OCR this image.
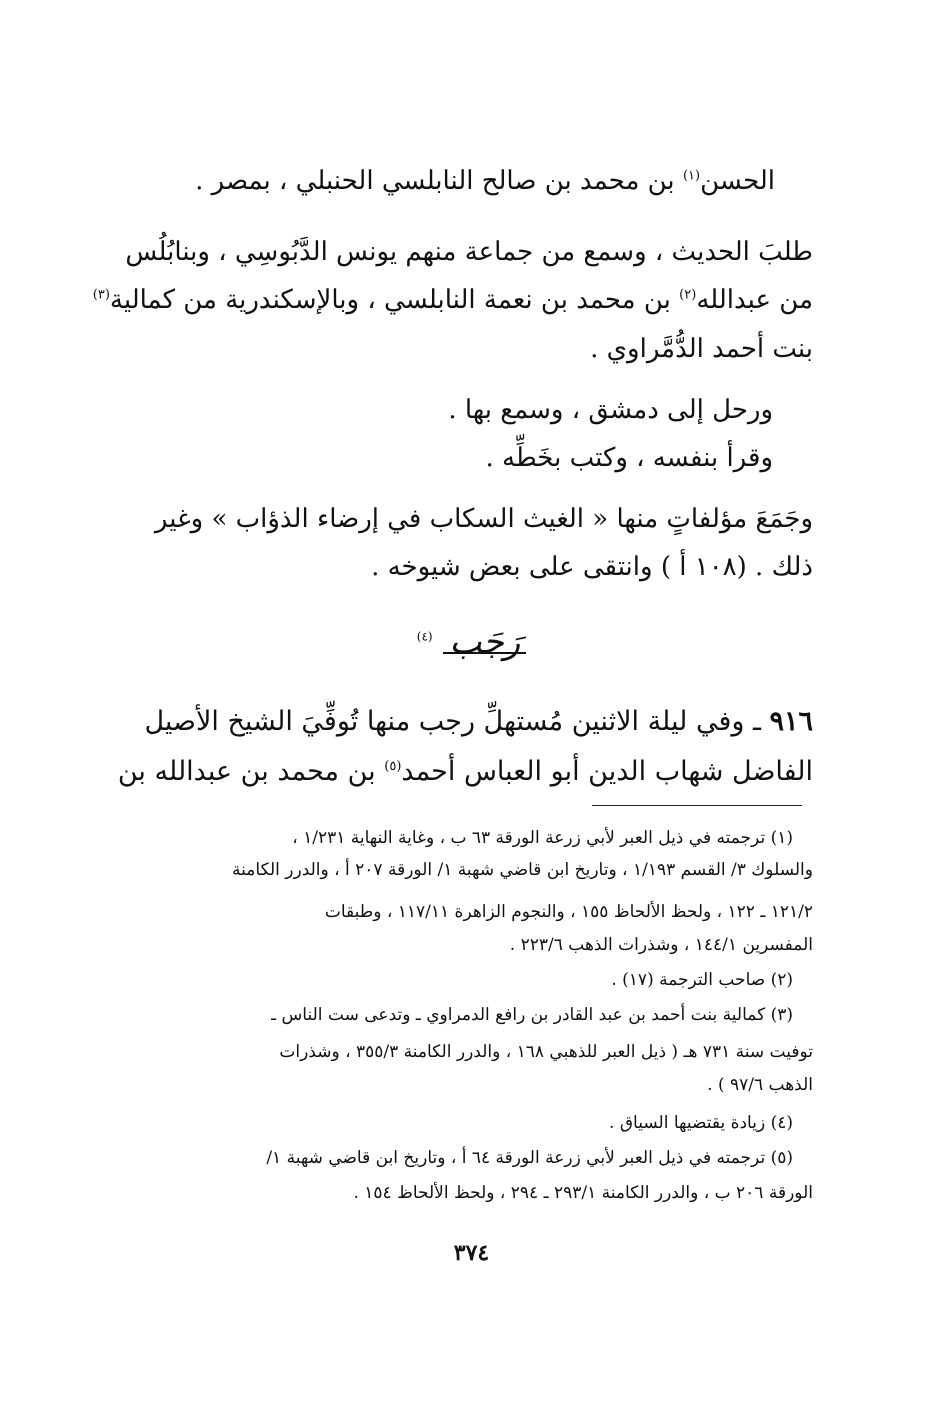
الحسن$^{(١)}$ بن محمد بن صالح النابلسي الحنبلي ، بمصر .
طلبَ الحديث ، وسمع من جماعة منهم يونس الدَّبُوسِي ، وبنابُلُس
من عبدالله$^{(٢)}$ بن محمد بن نعمة النابلسي ، وبالإسكندرية من كمالية$^{(٣)}$
بنت أحمد الدُّمَّراوي .
ورحل إلى دمشق ، وسمع بها .
وقرأ بنفسه ، وكتب بخَطِّه .
وجَمَعَ مؤلفاتٍ منها « الغيث السكاب في إرضاء الذؤاب » وغير
ذلك . (١٠٨ أ ) وانتقى على بعض شيوخه .
رَجَب $^{(٤)}$
٩١٦ ـ وفي ليلة الاثنين مُستهلِّ رجب منها تُوفِّيَ الشيخ الأصيل
الفاضل شهاب الدين أبو العباس أحمد$^{(٥)}$ بن محمد بن عبدالله بن
(١) ترجمته في ذيل العبر لأبي زرعة الورقة ٦٣ ب ، وغاية النهاية ١/٢٣١ ،
والسلوك ٣/ القسم ١/١٩٣ ، وتاريخ ابن قاضي شهبة ١/ الورقة ٢٠٧ أ ، والدرر الكامنة
١٢١/٢ ـ ١٢٢ ، ولحظ الألحاظ ١٥٥ ، والنجوم الزاهرة ١١٧/١١ ، وطبقات
المفسرين ١٤٤/١ ، وشذرات الذهب ٢٢٣/٦ .
(٢) صاحب الترجمة (١٧) .
(٣) كمالية بنت أحمد بن عبد القادر بن رافع الدمراوي ـ وتدعى ست الناس ـ
توفيت سنة ٧٣١ هـ ( ذيل العبر للذهبي ١٦٨ ، والدرر الكامنة ٣٥٥/٣ ، وشذرات
الذهب ٩٧/٦ ) .
(٤) زيادة يقتضيها السياق .
(٥) ترجمته في ذيل العبر لأبي زرعة الورقة ٦٤ أ ، وتاريخ ابن قاضي شهبة ١/
الورقة ٢٠٦ ب ، والدرر الكامنة ٢٩٣/١ ـ ٢٩٤ ، ولحظ الألحاظ ١٥٤ .
٣٧٤
